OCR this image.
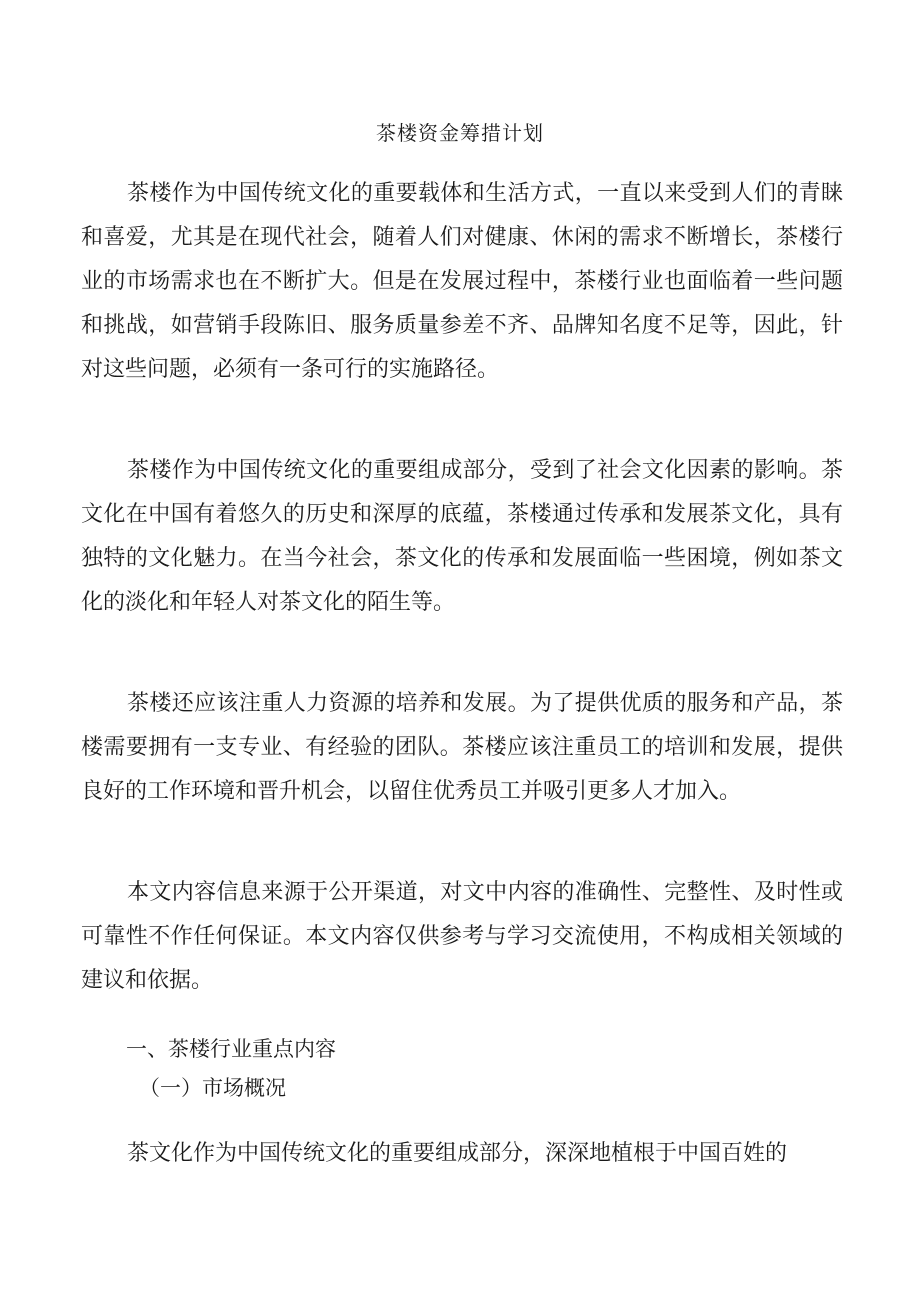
茶楼资金筹措计划

茶楼作为中国传统文化的重要载体和生活方式，一直以来受到人们的青睐和喜爱，尤其是在现代社会，随着人们对健康、休闲的需求不断增长，茶楼行业的市场需求也在不断扩大。但是在发展过程中，茶楼行业也面临着一些问题和挑战，如营销手段陈旧、服务质量参差不齐、品牌知名度不足等，因此，针对这些问题，必须有一条可行的实施路径。

茶楼作为中国传统文化的重要组成部分，受到了社会文化因素的影响。茶文化在中国有着悠久的历史和深厚的底蕴，茶楼通过传承和发展茶文化，具有独特的文化魅力。在当今社会，茶文化的传承和发展面临一些困境，例如茶文化的淡化和年轻人对茶文化的陌生等。

茶楼还应该注重人力资源的培养和发展。为了提供优质的服务和产品，茶楼需要拥有一支专业、有经验的团队。茶楼应该注重员工的培训和发展，提供良好的工作环境和晋升机会，以留住优秀员工并吸引更多人才加入。

本文内容信息来源于公开渠道，对文中内容的准确性、完整性、及时性或可靠性不作任何保证。本文内容仅供参考与学习交流使用，不构成相关领域的建议和依据。

一、茶楼行业重点内容
（一）市场概况

茶文化作为中国传统文化的重要组成部分，深深地植根于中国百姓的
